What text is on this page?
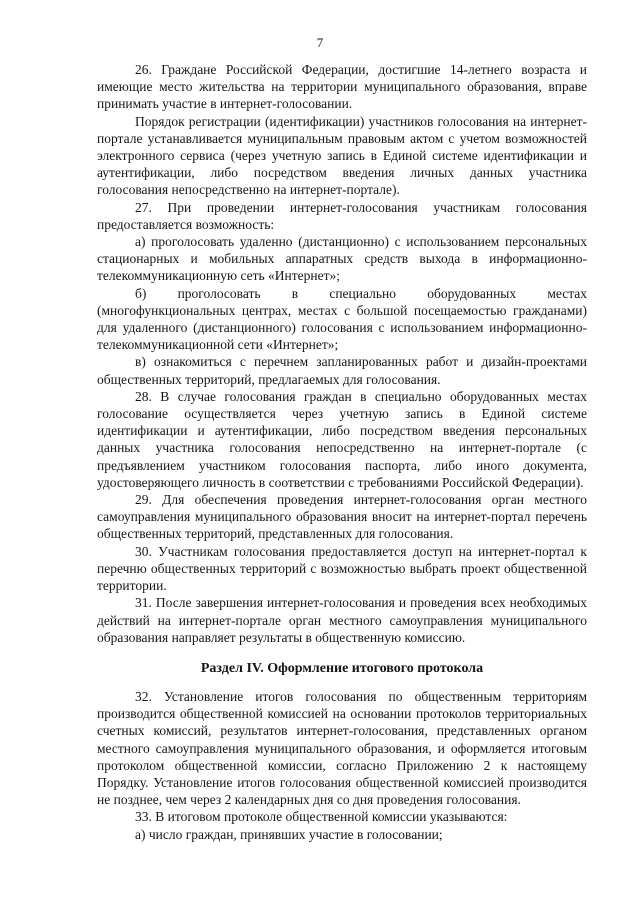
7

26. Граждане Российской Федерации, достигшие 14-летнего возраста и имеющие место жительства на территории муниципального образования, вправе принимать участие в интернет-голосовании.

Порядок регистрации (идентификации) участников голосования на интернет-портале устанавливается муниципальным правовым актом с учетом возможностей электронного сервиса (через учетную запись в Единой системе идентификации и аутентификации, либо посредством введения личных данных участника голосования непосредственно на интернет-портале).

27. При проведении интернет-голосования участникам голосования предоставляется возможность:

а) проголосовать удаленно (дистанционно) с использованием персональных стационарных и мобильных аппаратных средств выхода в информационно-телекоммуникационную сеть «Интернет»;

б) проголосовать в специально оборудованных местах (многофункциональных центрах, местах с большой посещаемостью гражданами) для удаленного (дистанционного) голосования с использованием информационно-телекоммуникационной сети «Интернет»;

в) ознакомиться с перечнем запланированных работ и дизайн-проектами общественных территорий, предлагаемых для голосования.

28. В случае голосования граждан в специально оборудованных местах голосование осуществляется через учетную запись в Единой системе идентификации и аутентификации, либо посредством введения персональных данных участника голосования непосредственно на интернет-портале (с предъявлением участником голосования паспорта, либо иного документа, удостоверяющего личность в соответствии с требованиями Российской Федерации).

29. Для обеспечения проведения интернет-голосования орган местного самоуправления муниципального образования вносит на интернет-портал перечень общественных территорий, представленных для голосования.

30. Участникам голосования предоставляется доступ на интернет-портал к перечню общественных территорий с возможностью выбрать проект общественной территории.

31. После завершения интернет-голосования и проведения всех необходимых действий на интернет-портале орган местного самоуправления муниципального образования направляет результаты в общественную комиссию.

Раздел IV. Оформление итогового протокола

32. Установление итогов голосования по общественным территориям производится общественной комиссией на основании протоколов территориальных счетных комиссий, результатов интернет-голосования, представленных органом местного самоуправления муниципального образования, и оформляется итоговым протоколом общественной комиссии, согласно Приложению 2 к настоящему Порядку. Установление итогов голосования общественной комиссией производится не позднее, чем через 2 календарных дня со дня проведения голосования.

33. В итоговом протоколе общественной комиссии указываются:

а) число граждан, принявших участие в голосовании;
